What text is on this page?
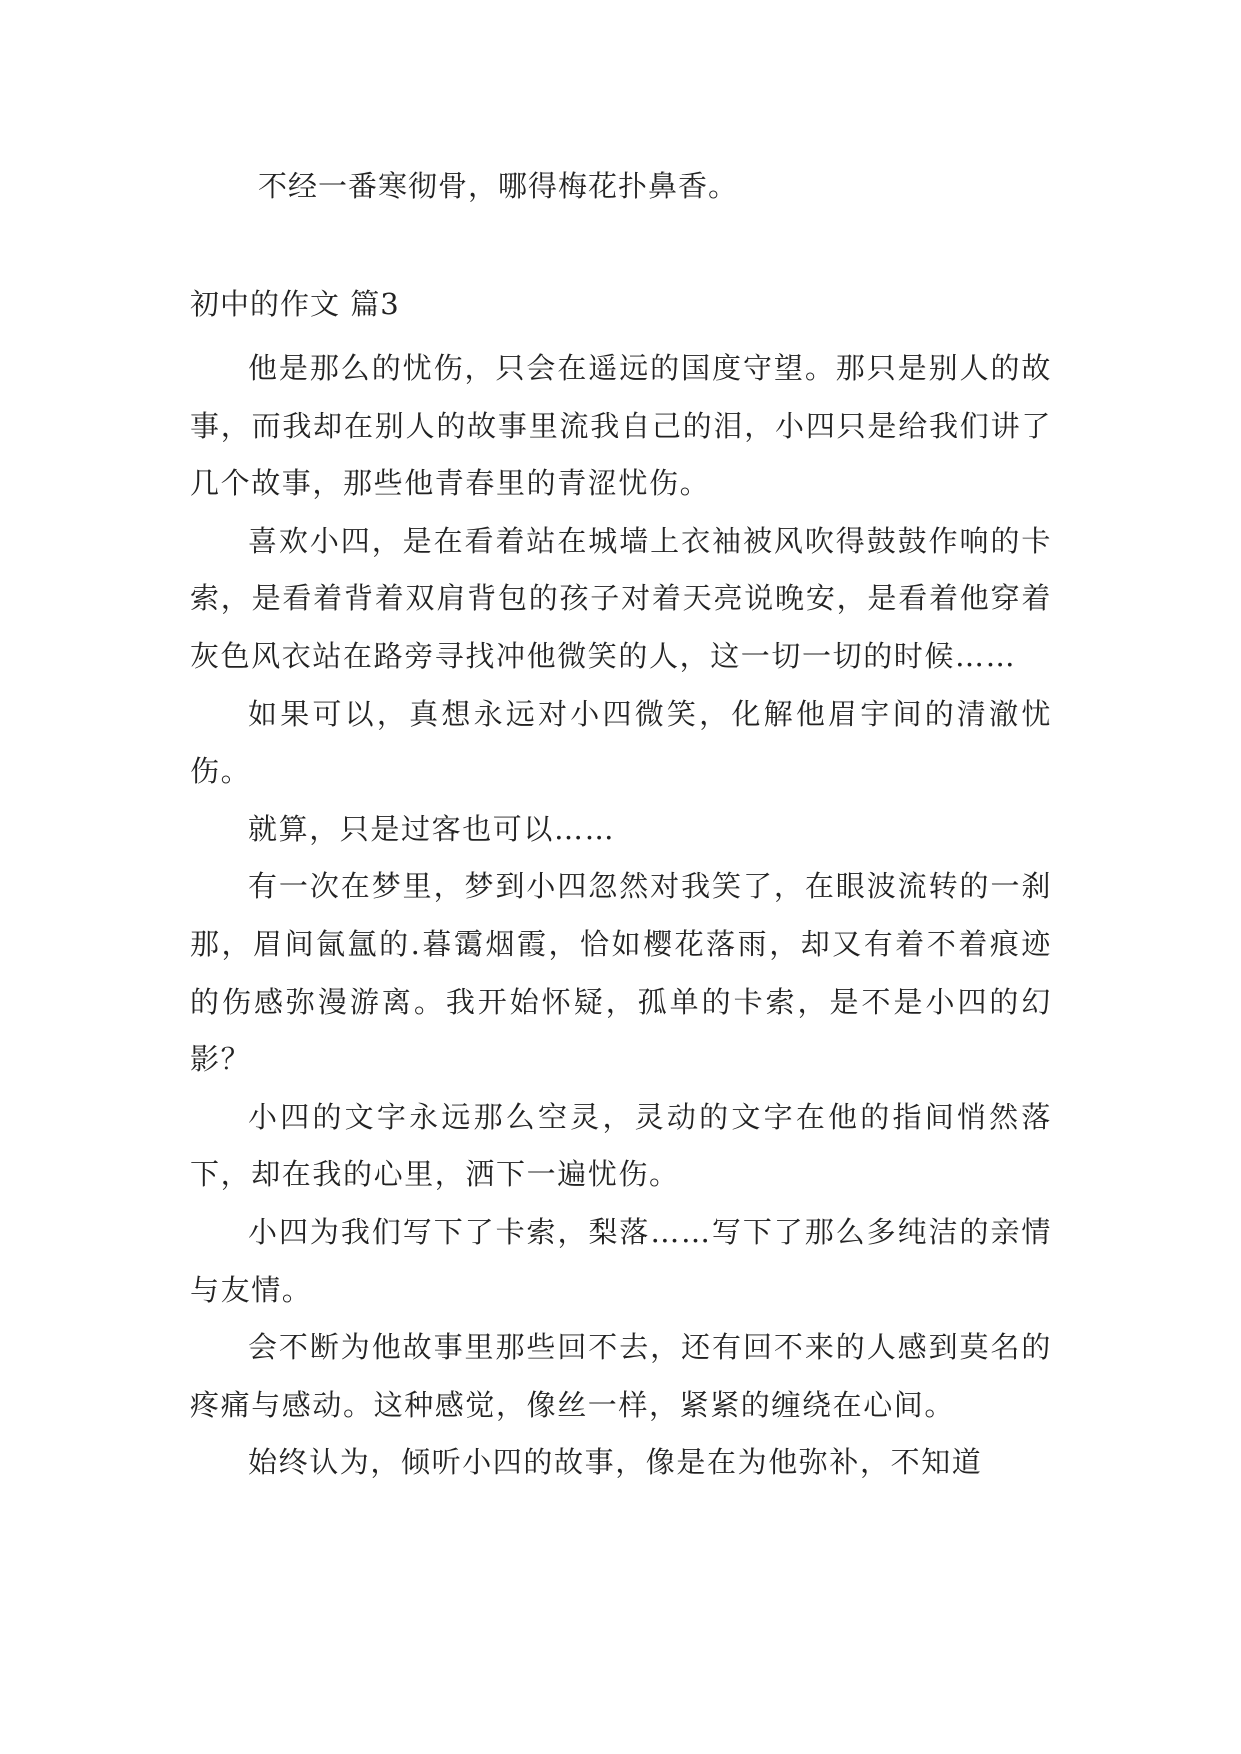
不经一番寒彻骨，哪得梅花扑鼻香。
初中的作文 篇3

他是那么的忧伤，只会在遥远的国度守望。那只是别人的故事，而我却在别人的故事里流我自己的泪，小四只是给我们讲了几个故事，那些他青春里的青涩忧伤。

喜欢小四，是在看着站在城墙上衣袖被风吹得鼓鼓作响的卡索，是看着背着双肩背包的孩子对着天亮说晚安，是看着他穿着灰色风衣站在路旁寻找冲他微笑的人，这一切一切的时候……

如果可以，真想永远对小四微笑，化解他眉宇间的清澈忧伤。

就算，只是过客也可以……

有一次在梦里，梦到小四忽然对我笑了，在眼波流转的一刹那，眉间氤氲的.暮霭烟霞，恰如樱花落雨，却又有着不着痕迹的伤感弥漫游离。我开始怀疑，孤单的卡索，是不是小四的幻影？

小四的文字永远那么空灵，灵动的文字在他的指间悄然落下，却在我的心里，洒下一遍忧伤。

小四为我们写下了卡索，梨落……写下了那么多纯洁的亲情与友情。

会不断为他故事里那些回不去，还有回不来的人感到莫名的疼痛与感动。这种感觉，像丝一样，紧紧的缠绕在心间。

始终认为，倾听小四的故事，像是在为他弥补，不知道
